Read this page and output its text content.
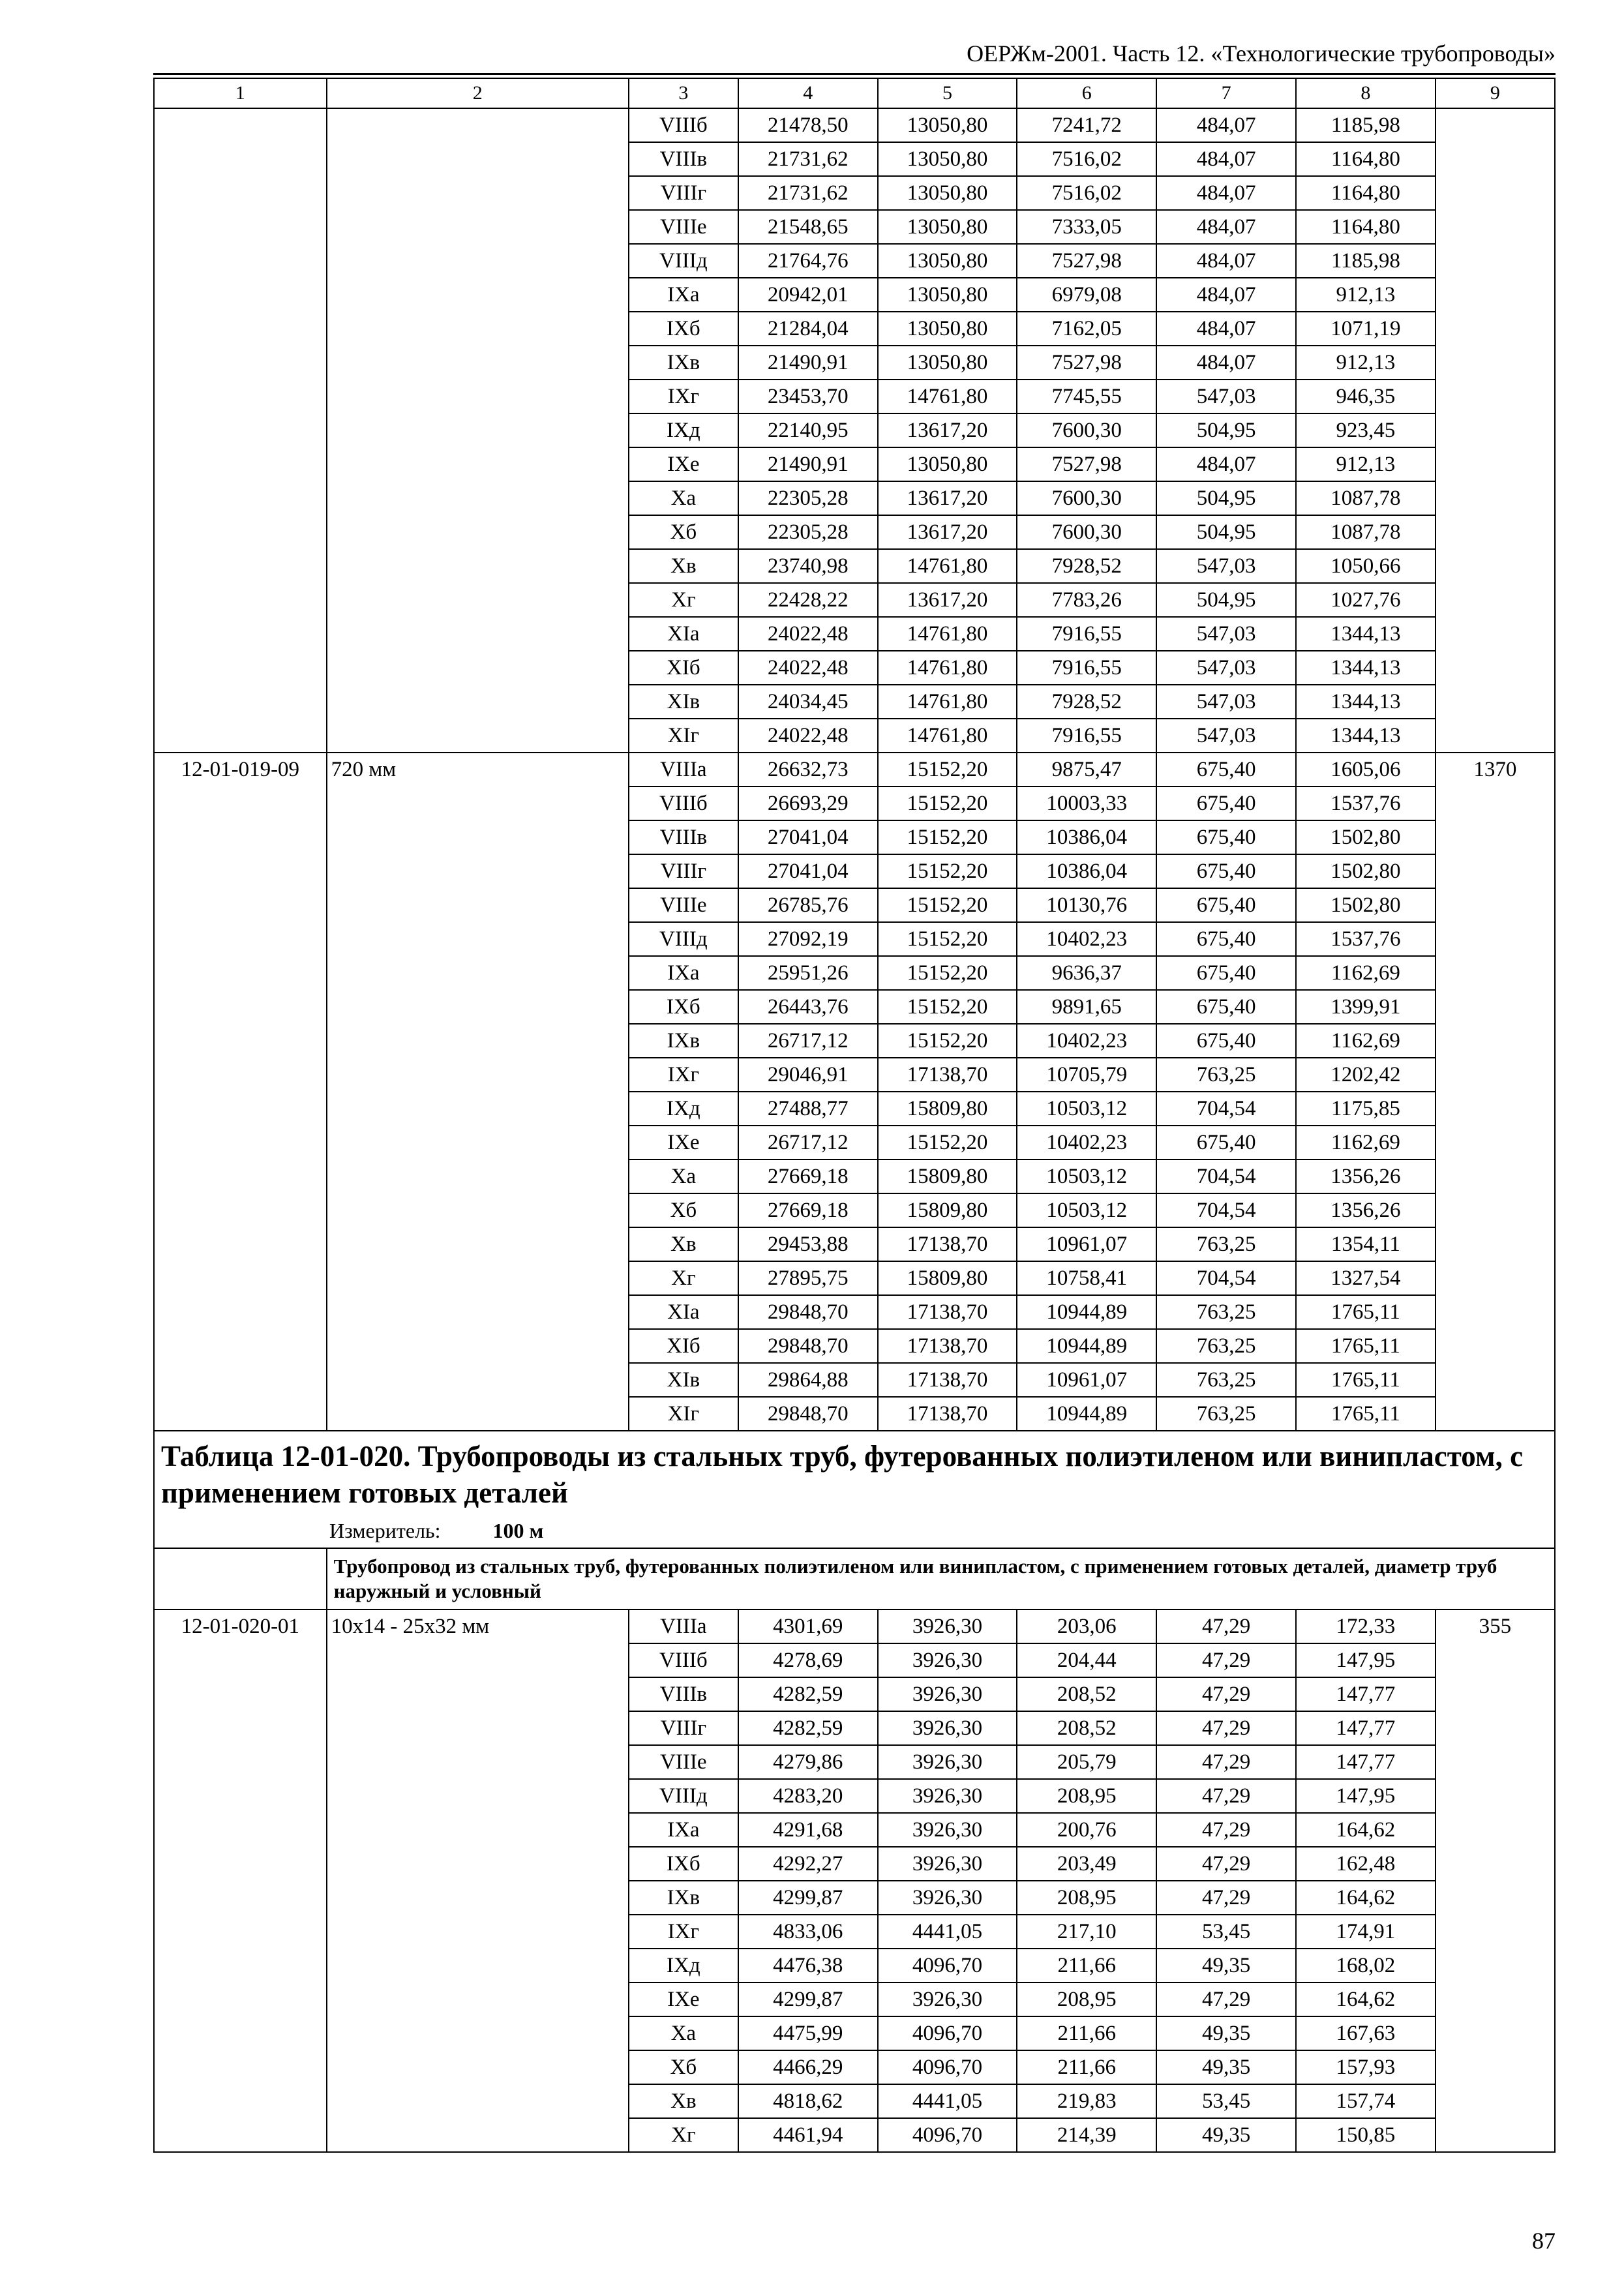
ОЕРЖм-2001. Часть 12. «Технологические трубопроводы»
1	2	3	4	5	6	7	8	9
		VIIIб	21478,50	13050,80	7241,72	484,07	1185,98	
		VIIIв	21731,62	13050,80	7516,02	484,07	1164,80	
		VIIIг	21731,62	13050,80	7516,02	484,07	1164,80	
		VIIIе	21548,65	13050,80	7333,05	484,07	1164,80	
		VIIIд	21764,76	13050,80	7527,98	484,07	1185,98	
		IXа	20942,01	13050,80	6979,08	484,07	912,13	
		IXб	21284,04	13050,80	7162,05	484,07	1071,19	
		IXв	21490,91	13050,80	7527,98	484,07	912,13	
		IXг	23453,70	14761,80	7745,55	547,03	946,35	
		IXд	22140,95	13617,20	7600,30	504,95	923,45	
		IXе	21490,91	13050,80	7527,98	484,07	912,13	
		Xа	22305,28	13617,20	7600,30	504,95	1087,78	
		Xб	22305,28	13617,20	7600,30	504,95	1087,78	
		Xв	23740,98	14761,80	7928,52	547,03	1050,66	
		Xг	22428,22	13617,20	7783,26	504,95	1027,76	
		XIа	24022,48	14761,80	7916,55	547,03	1344,13	
		XIб	24022,48	14761,80	7916,55	547,03	1344,13	
		XIв	24034,45	14761,80	7928,52	547,03	1344,13	
		XIг	24022,48	14761,80	7916,55	547,03	1344,13	
12-01-019-09	720 мм	VIIIа	26632,73	15152,20	9875,47	675,40	1605,06	1370
		VIIIб	26693,29	15152,20	10003,33	675,40	1537,76	
		VIIIв	27041,04	15152,20	10386,04	675,40	1502,80	
		VIIIг	27041,04	15152,20	10386,04	675,40	1502,80	
		VIIIе	26785,76	15152,20	10130,76	675,40	1502,80	
		VIIIд	27092,19	15152,20	10402,23	675,40	1537,76	
		IXа	25951,26	15152,20	9636,37	675,40	1162,69	
		IXб	26443,76	15152,20	9891,65	675,40	1399,91	
		IXв	26717,12	15152,20	10402,23	675,40	1162,69	
		IXг	29046,91	17138,70	10705,79	763,25	1202,42	
		IXд	27488,77	15809,80	10503,12	704,54	1175,85	
		IXе	26717,12	15152,20	10402,23	675,40	1162,69	
		Xа	27669,18	15809,80	10503,12	704,54	1356,26	
		Xб	27669,18	15809,80	10503,12	704,54	1356,26	
		Xв	29453,88	17138,70	10961,07	763,25	1354,11	
		Xг	27895,75	15809,80	10758,41	704,54	1327,54	
		XIа	29848,70	17138,70	10944,89	763,25	1765,11	
		XIб	29848,70	17138,70	10944,89	763,25	1765,11	
		XIв	29864,88	17138,70	10961,07	763,25	1765,11	
		XIг	29848,70	17138,70	10944,89	763,25	1765,11	

Таблица 12-01-020. Трубопроводы из стальных труб, футерованных полиэтиленом или винипластом, с применением готовых деталей
Измеритель: 100 м								

	Трубопровод из стальных труб, футерованных полиэтиленом или винипластом, с применением готовых деталей, диаметр труб наружный и условный							
12-01-020-01	10х14 - 25х32 мм	VIIIа	4301,69	3926,30	203,06	47,29	172,33	355
		VIIIб	4278,69	3926,30	204,44	47,29	147,95	
		VIIIв	4282,59	3926,30	208,52	47,29	147,77	
		VIIIг	4282,59	3926,30	208,52	47,29	147,77	
		VIIIе	4279,86	3926,30	205,79	47,29	147,77	
		VIIIд	4283,20	3926,30	208,95	47,29	147,95	
		IXа	4291,68	3926,30	200,76	47,29	164,62	
		IXб	4292,27	3926,30	203,49	47,29	162,48	
		IXв	4299,87	3926,30	208,95	47,29	164,62	
		IXг	4833,06	4441,05	217,10	53,45	174,91	
		IXд	4476,38	4096,70	211,66	49,35	168,02	
		IXе	4299,87	3926,30	208,95	47,29	164,62	
		Xа	4475,99	4096,70	211,66	49,35	167,63	
		Xб	4466,29	4096,70	211,66	49,35	157,93	
		Xв	4818,62	4441,05	219,83	53,45	157,74	
		Xг	4461,94	4096,70	214,39	49,35	150,85	
87
